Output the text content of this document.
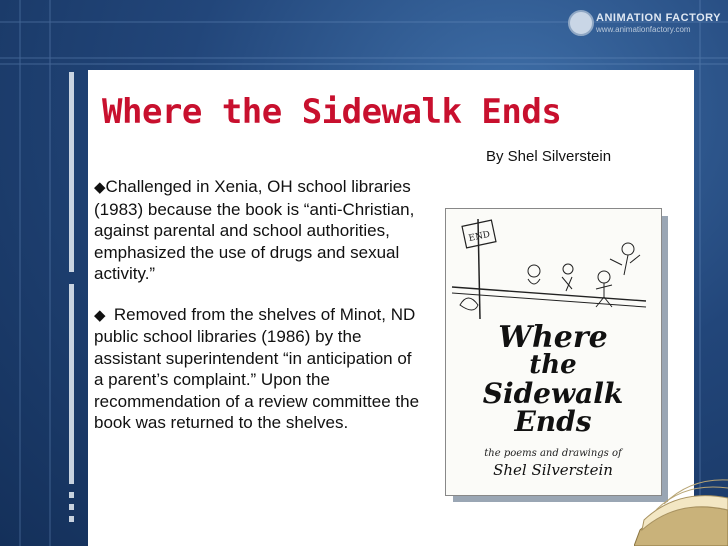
ANIMATION FACTORY
www.animationfactory.com
Where the Sidewalk Ends
By Shel Silverstein

◆Challenged in Xenia, OH school libraries (1983) because the book is “anti-Christian, against parental and school authorities, emphasized the use of drugs and sexual activity.”

◆  Removed from the shelves of Minot, ND public school libraries (1986) by the assistant superintendent “in anticipation of a parent’s complaint.” Upon the recommendation of a review committee the book was returned to the shelves.

END
Where
the
Sidewalk
Ends
the poems and drawings of
Shel Silverstein
